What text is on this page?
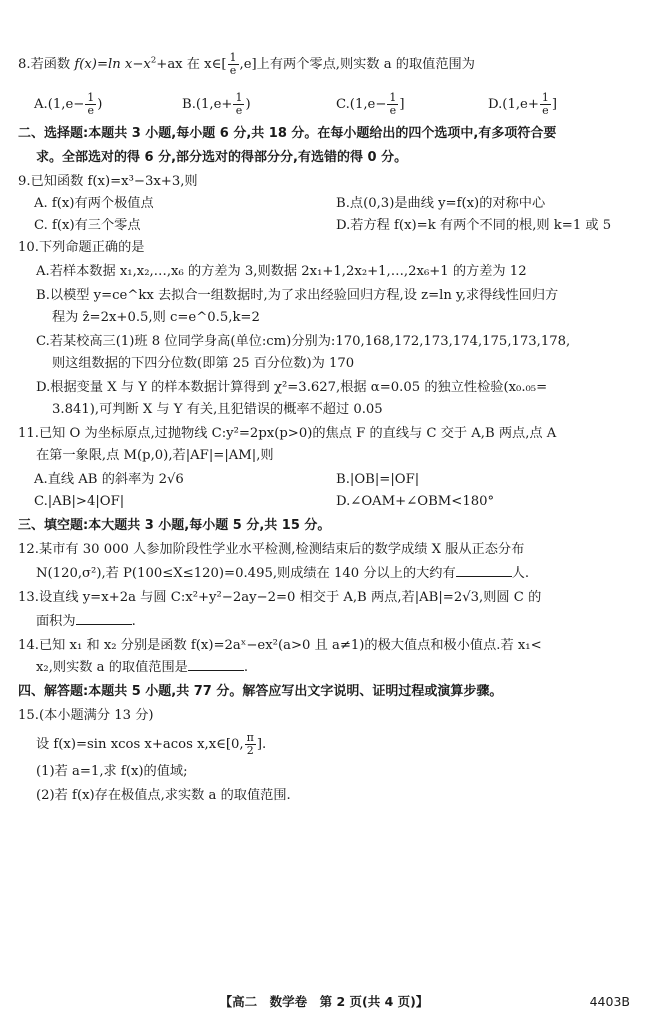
8.若函数 f(x)=ln $x-x^2+ax$ 在 x∈[ $\frac{1}{e} ,e$]上有两个零点,则实数 a 的取值范围为
$A.(1,e- \frac{1}{e}$ )	$B.(1,e+ \frac{1}{e}$ )	$C.(1,e- \frac{1}{e}$ ]	$D.(1,e+ \frac{1}{e}$ ]
二、选择题:本题共 3 小题,每小题 6 分,共 18 分。在每小题给出的四个选项中,有多项符合要
求。全部选对的得 6 分,部分选对的得部分分,有选错的得 0 分。
9.已知函数 f(x)=x³−3x+3,则
A. f(x)有两个极值点	B.点(0,3)是曲线 y=f(x)的对称中心
C. f(x)有三个零点	D.若方程 f(x)=k 有两个不同的根,则 k=1 或 5
10.下列命题正确的是
A.若样本数据 x₁,x₂,…,x₆ 的方差为 3,则数据 2x₁+1,2x₂+1,…,2x₆+1 的方差为 12
B.以模型 y=ce^kx 去拟合一组数据时,为了求出经验回归方程,设 z=ln y,求得线性回归方
程为 ẑ=2x+0.5,则 c=e^0.5,k=2
C.若某校高三(1)班 8 位同学身高(单位:cm)分别为:170,168,172,173,174,175,173,178,
则这组数据的下四分位数(即第 25 百分位数)为 170
D.根据变量 X 与 Y 的样本数据计算得到 χ²=3.627,根据 α=0.05 的独立性检验(x₀.₀₅=
3.841),可判断 X 与 Y 有关,且犯错误的概率不超过 0.05
11.已知 O 为坐标原点,过抛物线 C:y²=2px(p>0)的焦点 F 的直线与 C 交于 A,B 两点,点 A
在第一象限,点 M(p,0),若|AF|=|AM|,则
A.直线 AB 的斜率为 2√6	B.|OB|=|OF|
C.|AB|>4|OF|	D.∠OAM+∠OBM<180°
三、填空题:本大题共 3 小题,每小题 5 分,共 15 分。
12.某市有 30 000 人参加阶段性学业水平检测,检测结束后的数学成绩 X 服从正态分布
N(120,σ²),若 P(100≤X≤120)=0.495,则成绩在 140 分以上的大约有	人.
13.设直线 y=x+2a 与圆 C:x²+y²−2ay−2=0 相交于 A,B 两点,若|AB|=2√3,则圆 C 的
面积为	.
14.已知 x₁ 和 x₂ 分别是函数 f(x)=2aˣ−ex²(a>0 且 a≠1)的极大值点和极小值点.若 x₁<
x₂,则实数 a 的取值范围是	.
四、解答题:本题共 5 小题,共 77 分。解答应写出文字说明、证明过程或演算步骤。
15.(本小题满分 13 分)
设 f(x)=sin xcos x+acos x,x∈[0, $\frac{\pi}{2}$ ].
(1)若 a=1,求 f(x)的值域;
(2)若 f(x)存在极值点,求实数 a 的取值范围.
【高二　数学卷　第 2 页(共 4 页)】	4403B
